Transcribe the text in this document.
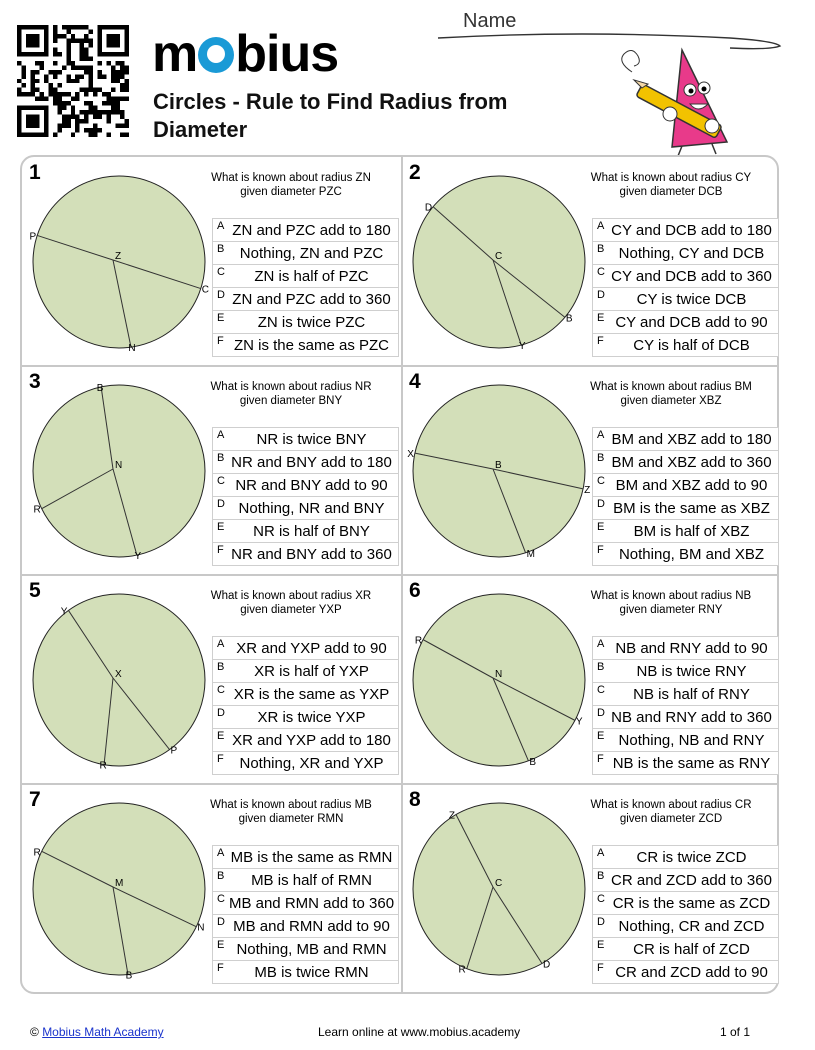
m bius
Circles - Rule to Find Radius from Diameter
Name
1	What is known about radius ZN given diameter PZC
P
C
N
Z
A ZN and PZC add to 180
B	Nothing, ZN and PZC
C	ZN is half of PZC
D ZN and PZC add to 360
E	ZN is twice PZC
F ZN is the same as PZC
2	What is known about radius CY given diameter DCB
D
B
Y
C
A CY and DCB add to 180
B Nothing, CY and DCB
C CY and DCB add to 360
D	CY is twice DCB
E CY and DCB add to 90
F	CY is half of DCB
3	What is known about radius NR given diameter BNY
B
Y
R
N
A	NR is twice BNY
B NR and BNY add to 180
C NR and BNY add to 90
D Nothing, NR and BNY
E	NR is half of BNY
F NR and BNY add to 360
4	What is known about radius BM given diameter XBZ
X
Z
M
B
A BM and XBZ add to 180
B BM and XBZ add to 360
C BM and XBZ add to 90
D BM is the same as XBZ
E	BM is half of XBZ
F	Nothing, BM and XBZ
5	What is known about radius XR given diameter YXP
Y
P
R
X
A XR and YXP add to 90
B	XR is half of YXP
C XR is the same as YXP
D	XR is twice YXP
E XR and YXP add to 180
F	Nothing, XR and YXP
6	What is known about radius NB given diameter RNY
R
Y
B
N
A NB and RNY add to 90
B	NB is twice RNY
C	NB is half of RNY
D NB and RNY add to 360
E Nothing, NB and RNY
F NB is the same as RNY
7	What is known about radius MB given diameter RMN
R
N
B
M
A MB is the same as RMN
B	MB is half of RMN
C MB and RMN add to 360
D MB and RMN add to 90
E Nothing, MB and RMN
F	MB is twice RMN
8	What is known about radius CR given diameter ZCD
Z
D
R
C
A	CR is twice ZCD
B CR and ZCD add to 360
C CR is the same as ZCD
D Nothing, CR and ZCD
E	CR is half of ZCD
F CR and ZCD add to 90
© Mobius Math Academy	Learn online at www.mobius.academy	1 of 1
